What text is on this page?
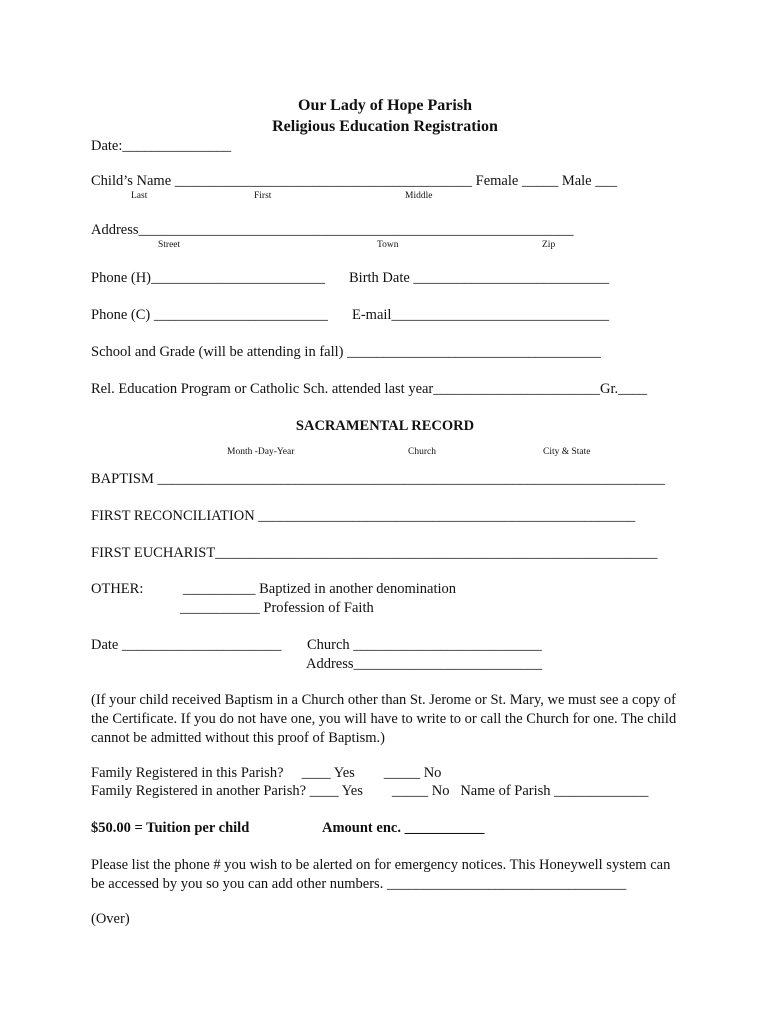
Our Lady of Hope Parish
Religious Education Registration
Date:_______________
Child’s Name _________________________________________ Female _____ Male ___
Last	First	Middle
Address____________________________________________________________
Street	Town	Zip
Phone (H)________________________ Birth Date ___________________________
Phone (C) ________________________ E-mail______________________________
School and Grade (will be attending in fall) ___________________________________
Rel. Education Program or Catholic Sch. attended last year_______________________Gr.____
SACRAMENTAL RECORD
Month -Day-Year	Church	City & State
BAPTISM ______________________________________________________________________
FIRST RECONCILIATION ____________________________________________________
FIRST EUCHARIST_____________________________________________________________
OTHER:	__________ Baptized in another denomination
___________ Profession of Faith
Date ______________________ Church __________________________
Address__________________________
(If your child received Baptism in a Church other than St. Jerome or St. Mary, we must see a copy of the Certificate. If you do not have one, you will have to write to or call the Church for one. The child cannot be admitted without this proof of Baptism.)
Family Registered in this Parish?     ____ Yes        _____ No
Family Registered in another Parish? ____ Yes        _____ No   Name of Parish _____________
$50.00 = Tuition per child	Amount enc. ___________
Please list the phone # you wish to be alerted on for emergency notices. This Honeywell system can be accessed by you so you can add other numbers. _________________________________
(Over)
